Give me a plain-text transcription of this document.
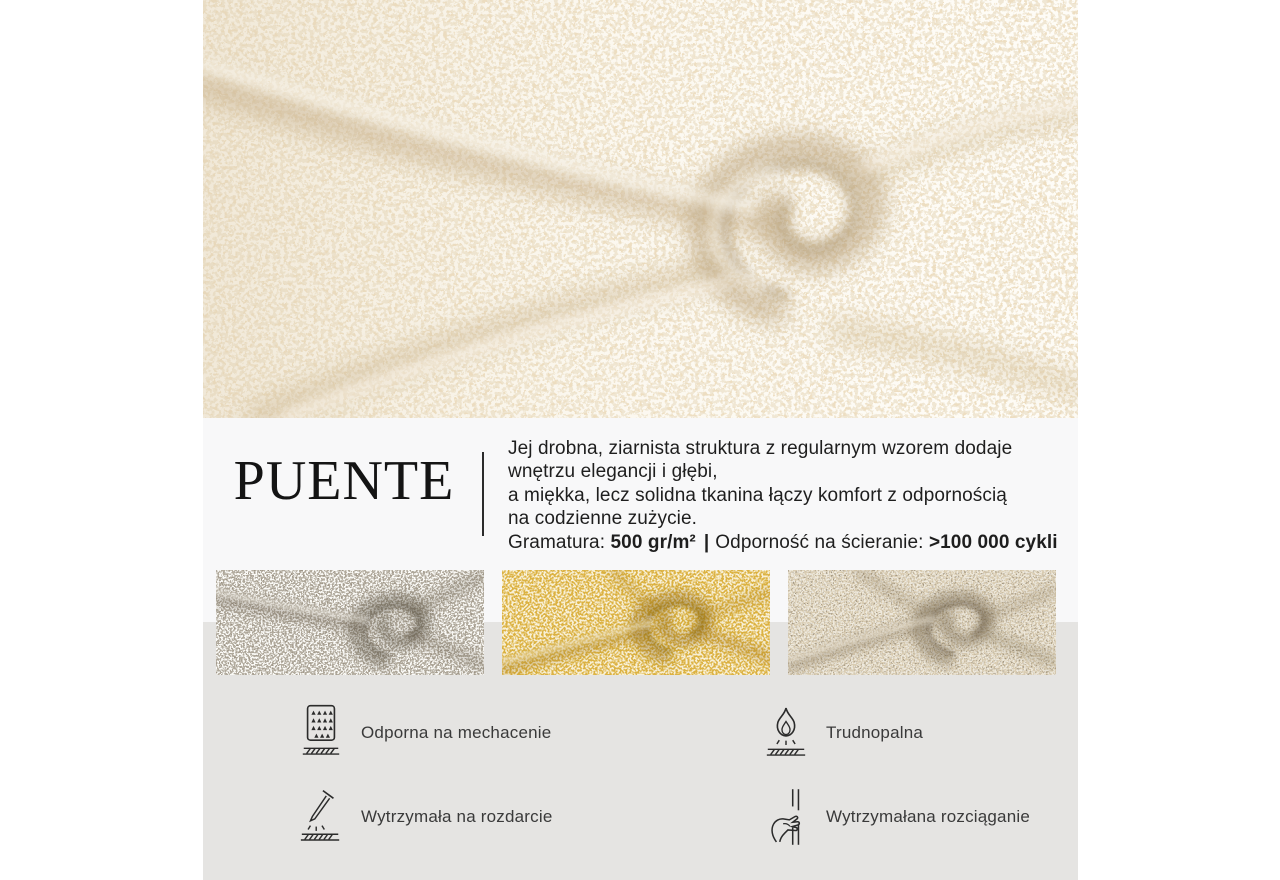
PUENTE
Jej drobna, ziarnista struktura z regularnym wzorem dodaje
wnętrzu elegancji i głębi,
a miękka, lecz solidna tkanina łączy komfort z odpornością
na codzienne zużycie.
Gramatura: 500 gr/m² | Odporność na ścieranie: >100 000 cykli
Odporna na mechacenie	Trudnopalna
Wytrzymała na rozdarcie	Wytrzymałana rozciąganie
